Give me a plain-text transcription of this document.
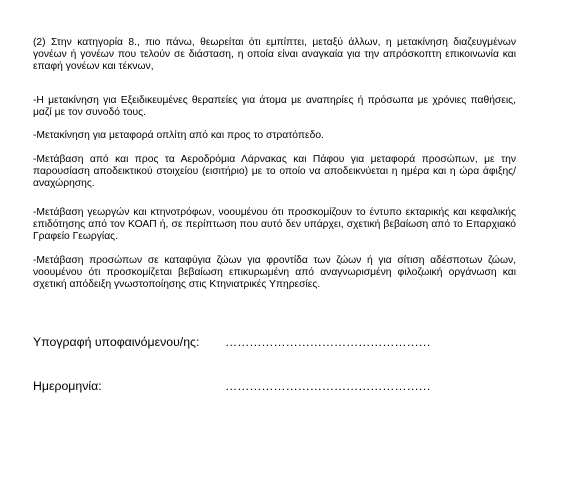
(2) Στην κατηγορία 8., πιο πάνω, θεωρείται ότι εμπίπτει, μεταξύ άλλων, η μετακίνηση διαζευγμένων γονέων ή γονέων που τελούν σε διάσταση, η οποία είναι αναγκαία για την απρόσκοπτη επικοινωνία και επαφή γονέων και τέκνων,

-Η μετακίνηση για Εξειδικευμένες θεραπείες για άτομα με αναπηρίες ή πρόσωπα με χρόνιες παθήσεις, μαζί με τον συνοδό τους.

-Μετακίνηση για μεταφορά οπλίτη από και προς το στρατόπεδο.

-Μετάβαση από και προς τα Αεροδρόμια Λάρνακας και Πάφου για μεταφορά προσώπων, με την παρουσίαση αποδεικτικού στοιχείου (εισιτήριο) με το οποίο να αποδεικνύεται η ημέρα και η ώρα άφιξης/αναχώρησης.

-Μετάβαση γεωργών και κτηνοτρόφων, νοουμένου ότι προσκομίζουν το έντυπο εκταρικής και κεφαλικής επιδότησης από τον ΚΟΑΠ ή, σε περίπτωση που αυτό δεν υπάρχει, σχετική βεβαίωση από το Επαρχιακό Γραφείο Γεωργίας.

-Μετάβαση προσώπων σε καταφύγια ζώων για φροντίδα των ζώων ή για σίτιση αδέσποτων ζώων, νοουμένου ότι προσκομίζεται βεβαίωση επικυρωμένη από αναγνωρισμένη φιλοζωική οργάνωση και σχετική απόδειξη γνωστοποίησης στις Κτηνιατρικές Υπηρεσίες.

Υπογραφή υποφαινόμενου/ης: ……………………………………………
Ημερομηνία:	……………………………………………
